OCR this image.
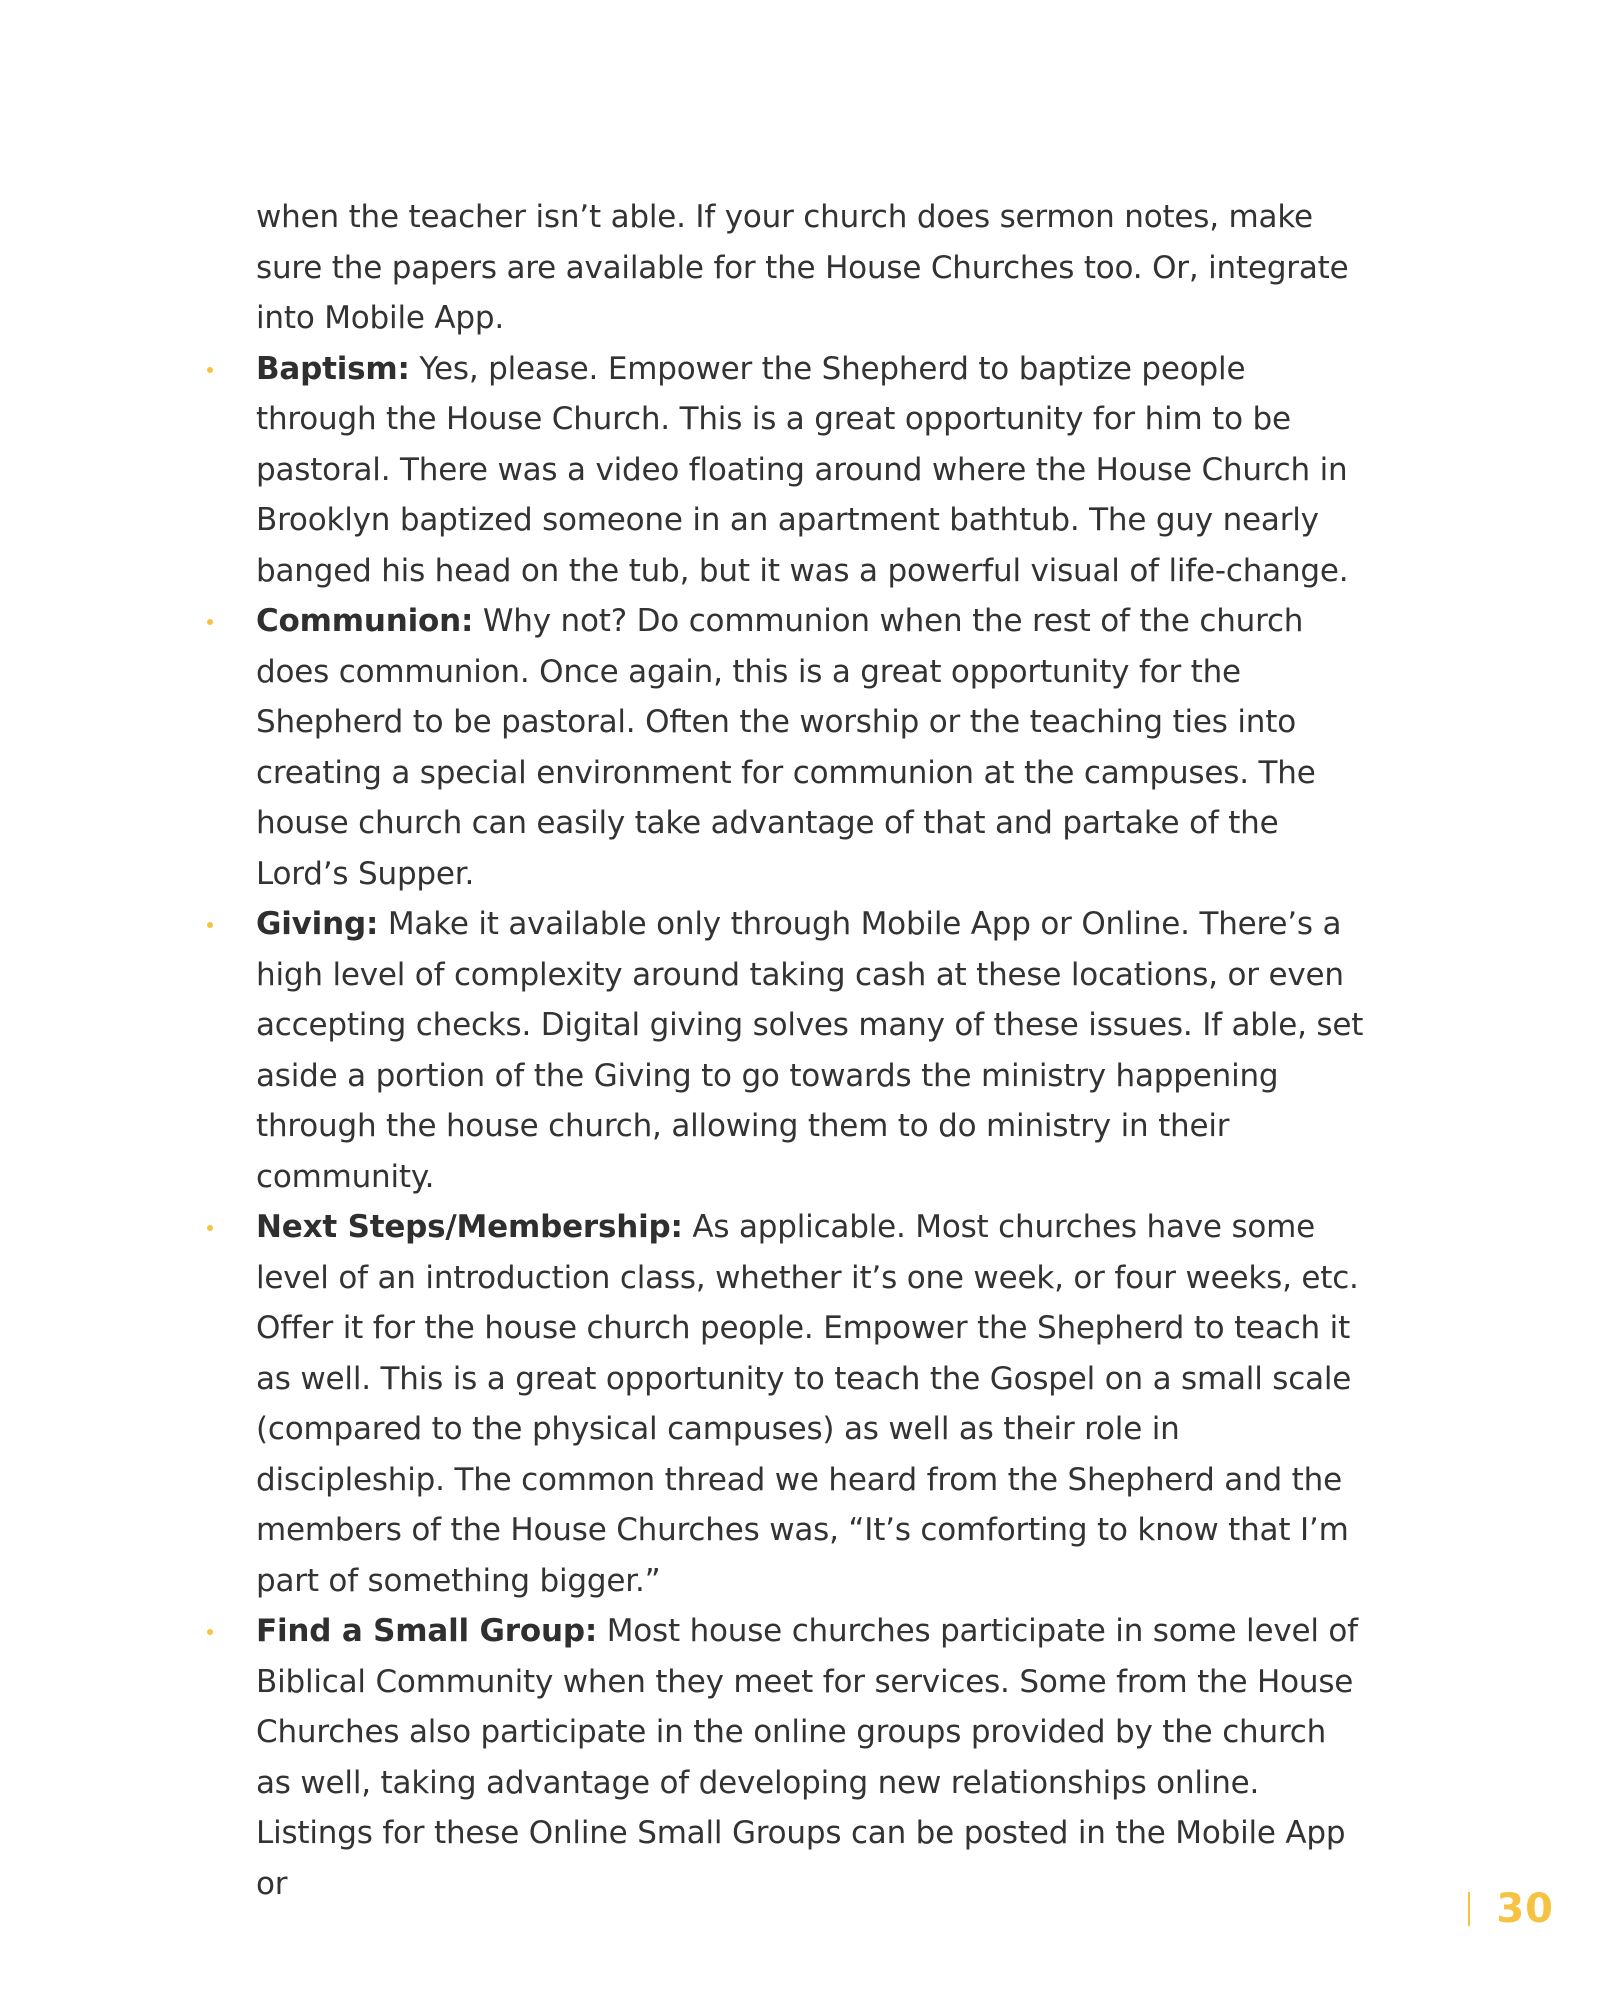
when the teacher isn’t able. If your church does sermon notes, make sure the papers are available for the House Churches too. Or, integrate into Mobile App.

Baptism: Yes, please. Empower the Shepherd to baptize people through the House Church. This is a great opportunity for him to be pastoral. There was a video floating around where the House Church in Brooklyn baptized someone in an apartment bathtub. The guy nearly banged his head on the tub, but it was a powerful visual of life-change.
Communion: Why not? Do communion when the rest of the church does communion. Once again, this is a great opportunity for the Shepherd to be pastoral. Often the worship or the teaching ties into creating a special environment for communion at the campuses. The house church can easily take advantage of that and partake of the Lord’s Supper.
Giving: Make it available only through Mobile App or Online. There’s a high level of complexity around taking cash at these locations, or even accepting checks. Digital giving solves many of these issues. If able, set aside a portion of the Giving to go towards the ministry happening through the house church, allowing them to do ministry in their community.
Next Steps/Membership: As applicable. Most churches have some level of an introduction class, whether it’s one week, or four weeks, etc. Offer it for the house church people. Empower the Shepherd to teach it as well. This is a great opportunity to teach the Gospel on a small scale (compared to the physical campuses) as well as their role in discipleship. The common thread we heard from the Shepherd and the members of the House Churches was, “It’s comforting to know that I’m part of something bigger.”
Find a Small Group: Most house churches participate in some level of Biblical Community when they meet for services. Some from the House Churches also participate in the online groups provided by the church as well, taking advantage of developing new relationships online. Listings for these Online Small Groups can be posted in the Mobile App or
30
